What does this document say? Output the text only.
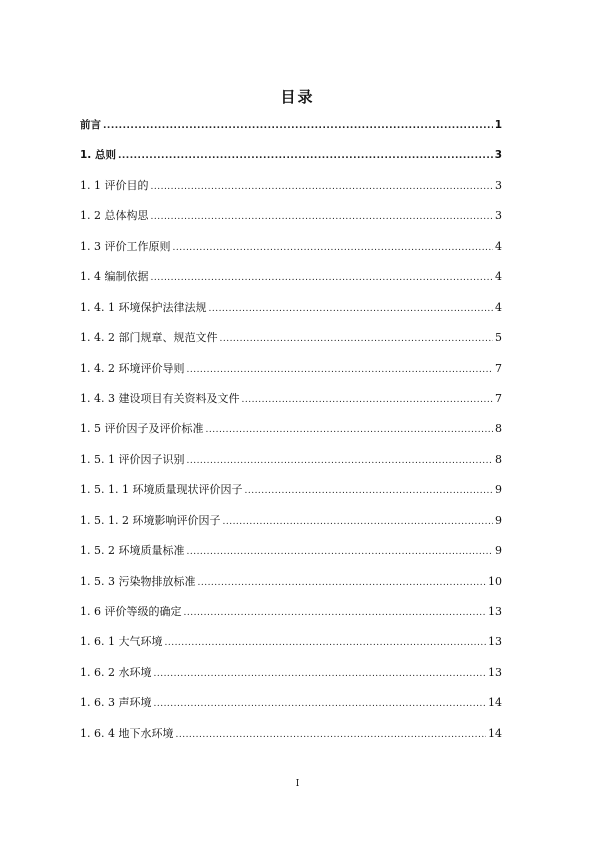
目录
前言 .....	1
1. 总则 .....	3
1. 1 评价目的 .....	3
1. 2 总体构思 .....	3
1. 3 评价工作原则 .....	4
1. 4 编制依据 .....	4
1. 4. 1 环境保护法律法规 .....	4
1. 4. 2 部门规章、规范文件 .....	5
1. 4. 2 环境评价导则 .....	7
1. 4. 3 建设项目有关资料及文件 .....	7
1. 5 评价因子及评价标准 .....	8
1. 5. 1 评价因子识别 .....	8
1. 5. 1. 1 环境质量现状评价因子 .....	9
1. 5. 1. 2 环境影响评价因子 .....	9
1. 5. 2 环境质量标准 .....	9
1. 5. 3 污染物排放标准 .....	10
1. 6 评价等级的确定 .....	13
1. 6. 1 大气环境 .....	13
1. 6. 2 水环境 .....	13
1. 6. 3 声环境 .....	14
1. 6. 4 地下水环境 .....	14
I
